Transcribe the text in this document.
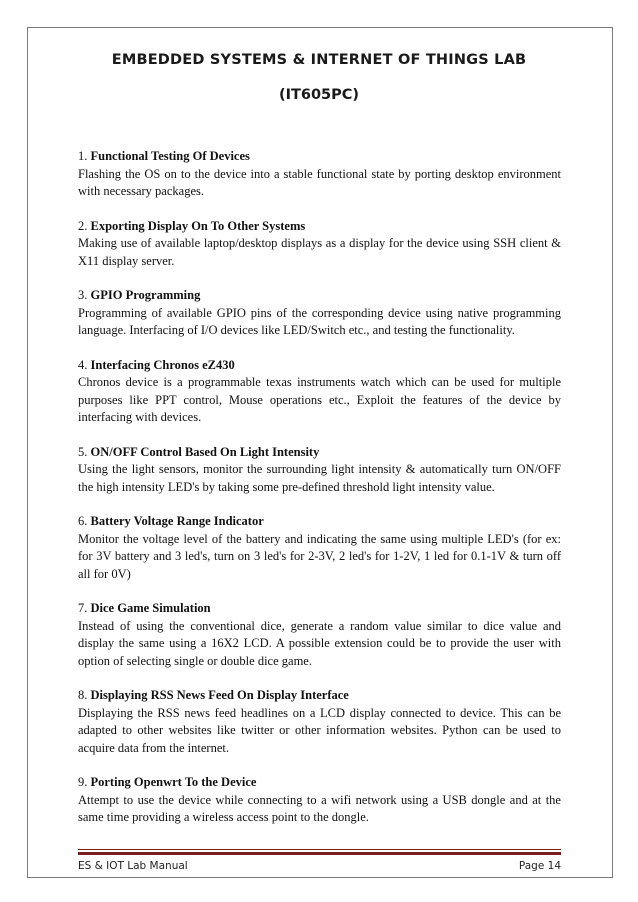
EMBEDDED SYSTEMS & INTERNET OF THINGS LAB
(IT605PC)
1. Functional Testing Of Devices
Flashing the OS on to the device into a stable functional state by porting desktop environment with necessary packages.
2. Exporting Display On To Other Systems
Making use of available laptop/desktop displays as a display for the device using SSH client & X11 display server.
3. GPIO Programming
Programming of available GPIO pins of the corresponding device using native programming language. Interfacing of I/O devices like LED/Switch etc., and testing the functionality.
4. Interfacing Chronos eZ430
Chronos device is a programmable texas instruments watch which can be used for multiple purposes like PPT control, Mouse operations etc., Exploit the features of the device by interfacing with devices.
5. ON/OFF Control Based On Light Intensity
Using the light sensors, monitor the surrounding light intensity & automatically turn ON/OFF the high intensity LED's by taking some pre-defined threshold light intensity value.
6. Battery Voltage Range Indicator
Monitor the voltage level of the battery and indicating the same using multiple LED's (for ex: for 3V battery and 3 led's, turn on 3 led's for 2-3V, 2 led's for 1-2V, 1 led for 0.1-1V & turn off all for 0V)
7. Dice Game Simulation
Instead of using the conventional dice, generate a random value similar to dice value and display the same using a 16X2 LCD. A possible extension could be to provide the user with option of selecting single or double dice game.
8. Displaying RSS News Feed On Display Interface
Displaying the RSS news feed headlines on a LCD display connected to device. This can be adapted to other websites like twitter or other information websites. Python can be used to acquire data from the internet.
9. Porting Openwrt To the Device
Attempt to use the device while connecting to a wifi network using a USB dongle and at the same time providing a wireless access point to the dongle.
ES & IOT Lab Manual	Page 14
